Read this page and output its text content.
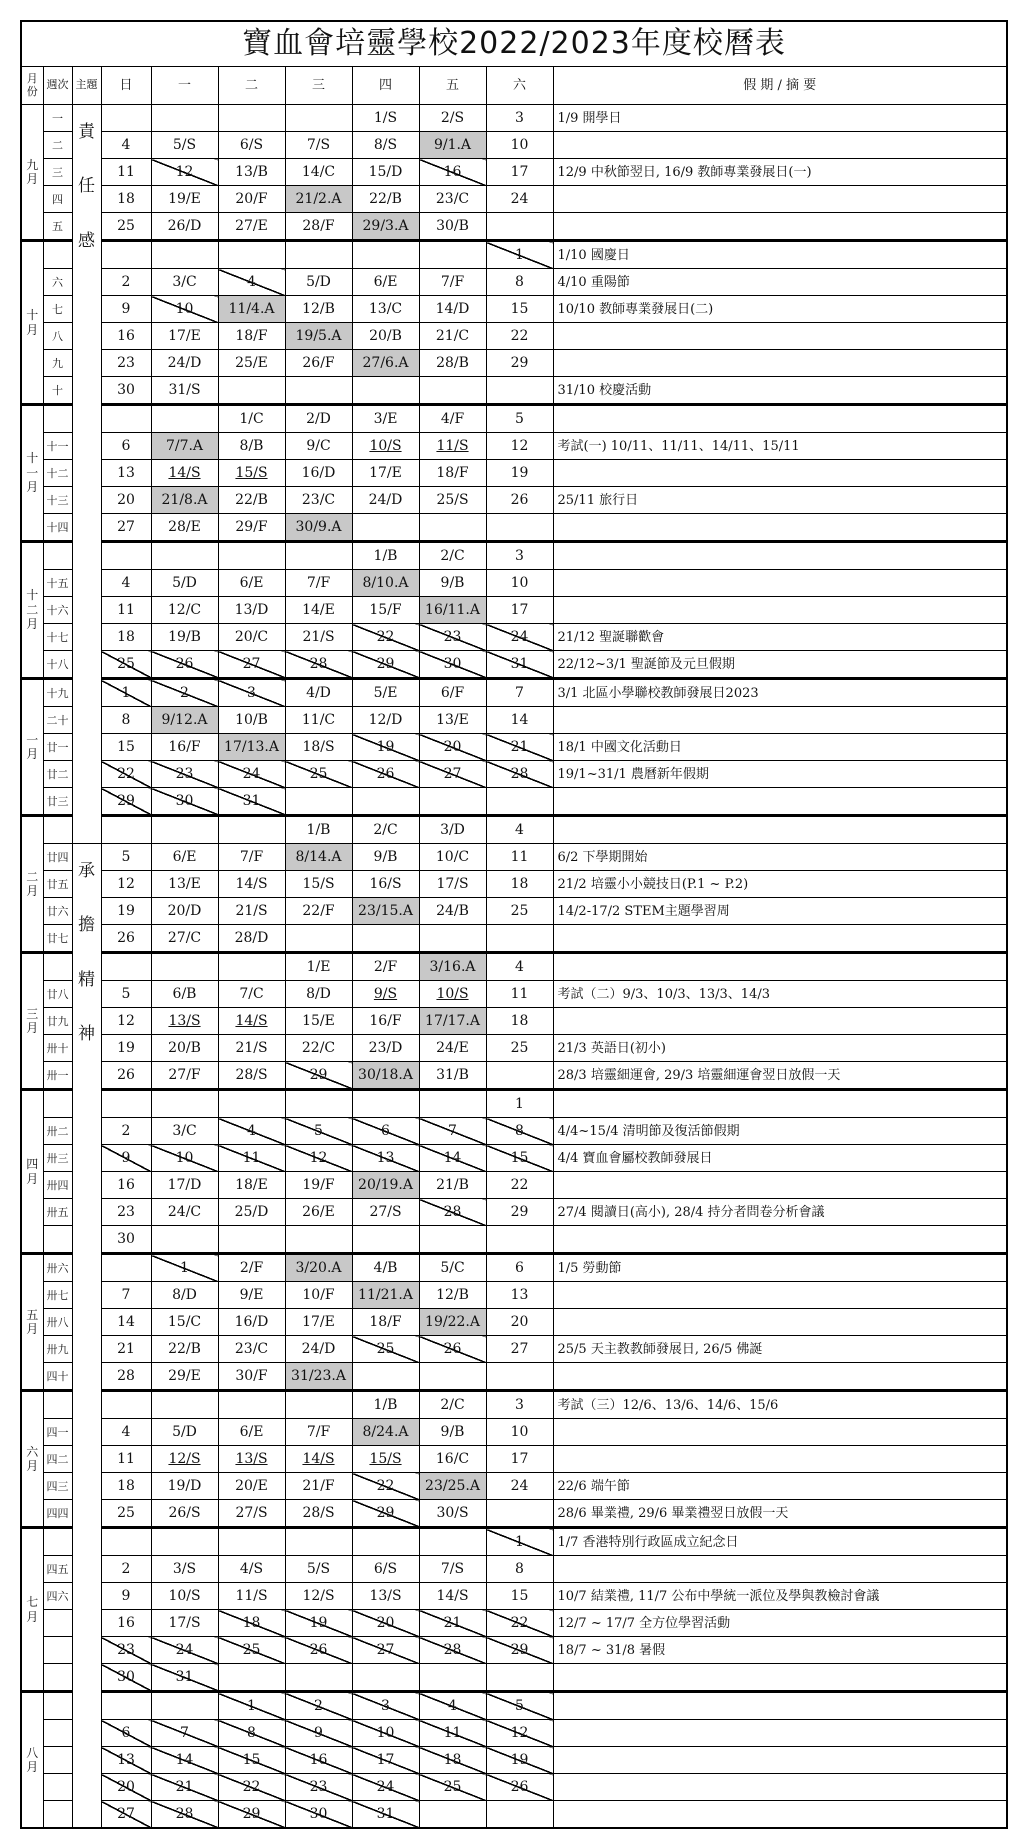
寶血會培靈學校2022/2023年度校曆表										
月份	週次	主題	日	一	二	三	四	五	六	假 期 / 摘 要
九月	一	責任感					1/S	2/S	3	1/9 開學日
	二		4	5/S	6/S	7/S	8/S	9/1.A	10	
	三		11	12	13/B	14/C	15/D	16	17	12/9 中秋節翌日, 16/9 教師專業發展日(一)
	四		18	19/E	20/F	21/2.A	22/B	23/C	24	
	五		25	26/D	27/E	28/F	29/3.A	30/B		
十月									1	1/10 國慶日
	六		2	3/C	4	5/D	6/E	7/F	8	4/10 重陽節
	七		9	10	11/4.A	12/B	13/C	14/D	15	10/10 教師專業發展日(二)
	八		16	17/E	18/F	19/5.A	20/B	21/C	22	
	九		23	24/D	25/E	26/F	27/6.A	28/B	29	
	十		30	31/S						31/10 校慶活動
十一月					1/C	2/D	3/E	4/F	5	
	十一		6	7/7.A	8/B	9/C	10/S	11/S	12	考試(一) 10/11、11/11、14/11、15/11
	十二		13	14/S	15/S	16/D	17/E	18/F	19	
	十三		20	21/8.A	22/B	23/C	24/D	25/S	26	25/11 旅行日
	十四		27	28/E	29/F	30/9.A				
十二月							1/B	2/C	3	
	十五		4	5/D	6/E	7/F	8/10.A	9/B	10	
	十六		11	12/C	13/D	14/E	15/F	16/11.A	17	
	十七		18	19/B	20/C	21/S	22	23	24	21/12 聖誕聯歡會
	十八		25	26	27	28	29	30	31	22/12~3/1 聖誕節及元旦假期
一月	十九		1	2	3	4/D	5/E	6/F	7	3/1 北區小學聯校教師發展日2023
	二十		8	9/12.A	10/B	11/C	12/D	13/E	14	
	廿一		15	16/F	17/13.A	18/S	19	20	21	18/1 中國文化活動日
	廿二		22	23	24	25	26	27	28	19/1~31/1 農曆新年假期
	廿三		29	30	31					
二月						1/B	2/C	3/D	4	
	廿四	承擔精神	5	6/E	7/F	8/14.A	9/B	10/C	11	6/2 下學期開始
	廿五		12	13/E	14/S	15/S	16/S	17/S	18	21/2 培靈小小競技日(P.1 ~ P.2)
	廿六		19	20/D	21/S	22/F	23/15.A	24/B	25	14/2-17/2 STEM主題學習周
	廿七		26	27/C	28/D					
三月						1/E	2/F	3/16.A	4	
	廿八		5	6/B	7/C	8/D	9/S	10/S	11	考試（二）9/3、10/3、13/3、14/3
	廿九		12	13/S	14/S	15/E	16/F	17/17.A	18	
	卅十		19	20/B	21/S	22/C	23/D	24/E	25	21/3 英語日(初小)
	卅一		26	27/F	28/S	29	30/18.A	31/B		28/3 培靈細運會, 29/3 培靈細運會翌日放假一天
四月									1	
	卅二		2	3/C	4	5	6	7	8	4/4~15/4 清明節及復活節假期
	卅三		9	10	11	12	13	14	15	4/4 寶血會屬校教師發展日
	卅四		16	17/D	18/E	19/F	20/19.A	21/B	22	
	卅五		23	24/C	25/D	26/E	27/S	28	29	27/4 閱讀日(高小), 28/4 持分者問卷分析會議
			30							
五月	卅六			1	2/F	3/20.A	4/B	5/C	6	1/5 勞動節
	卅七		7	8/D	9/E	10/F	11/21.A	12/B	13	
	卅八		14	15/C	16/D	17/E	18/F	19/22.A	20	
	卅九		21	22/B	23/C	24/D	25	26	27	25/5 天主教教師發展日, 26/5 佛誕
	四十		28	29/E	30/F	31/23.A				
六月							1/B	2/C	3	考試（三）12/6、13/6、14/6、15/6
	四一		4	5/D	6/E	7/F	8/24.A	9/B	10	
	四二		11	12/S	13/S	14/S	15/S	16/C	17	
	四三		18	19/D	20/E	21/F	22	23/25.A	24	22/6 端午節
	四四		25	26/S	27/S	28/S	29	30/S		28/6 畢業禮, 29/6 畢業禮翌日放假一天
七月									1	1/7 香港特別行政區成立紀念日
	四五		2	3/S	4/S	5/S	6/S	7/S	8	
	四六		9	10/S	11/S	12/S	13/S	14/S	15	10/7 結業禮, 11/7 公布中學統一派位及學與教檢討會議
			16	17/S	18	19	20	21	22	12/7 ~ 17/7 全方位學習活動
			23	24	25	26	27	28	29	18/7 ~ 31/8 暑假
			30	31						
八月					1	2	3	4	5	
			6	7	8	9	10	11	12	
			13	14	15	16	17	18	19	
			20	21	22	23	24	25	26	
			27	28	29	30	31			
